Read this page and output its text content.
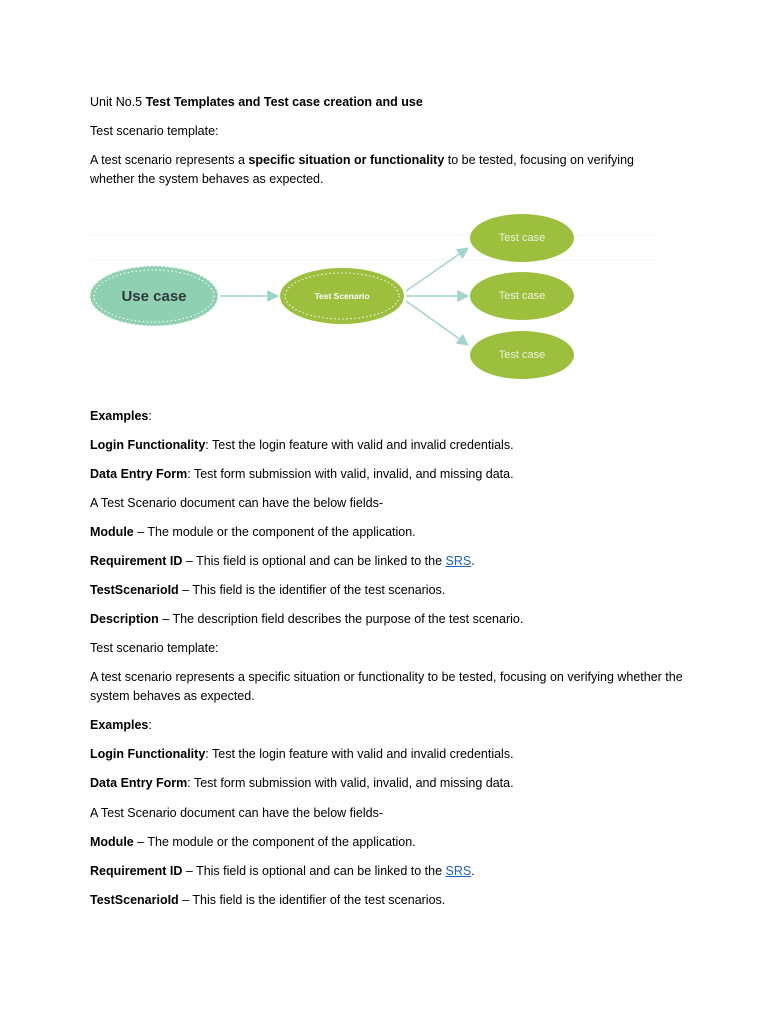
Unit No.5 Test Templates and Test case creation and use

Test scenario template:

A test scenario represents a specific situation or functionality to be tested, focusing on verifying whether the system behaves as expected.

Use case	Test Scenario
Test case
Test case
Test case

Examples:

Login Functionality: Test the login feature with valid and invalid credentials.

Data Entry Form: Test form submission with valid, invalid, and missing data.

A Test Scenario document can have the below fields-

Module – The module or the component of the application.

Requirement ID – This field is optional and can be linked to the SRS.

TestScenarioId – This field is the identifier of the test scenarios.

Description – The description field describes the purpose of the test scenario.

Test scenario template:

A test scenario represents a specific situation or functionality to be tested, focusing on verifying whether the system behaves as expected.

Examples:

Login Functionality: Test the login feature with valid and invalid credentials.

Data Entry Form: Test form submission with valid, invalid, and missing data.

A Test Scenario document can have the below fields-

Module – The module or the component of the application.

Requirement ID – This field is optional and can be linked to the SRS.

TestScenarioId – This field is the identifier of the test scenarios.
